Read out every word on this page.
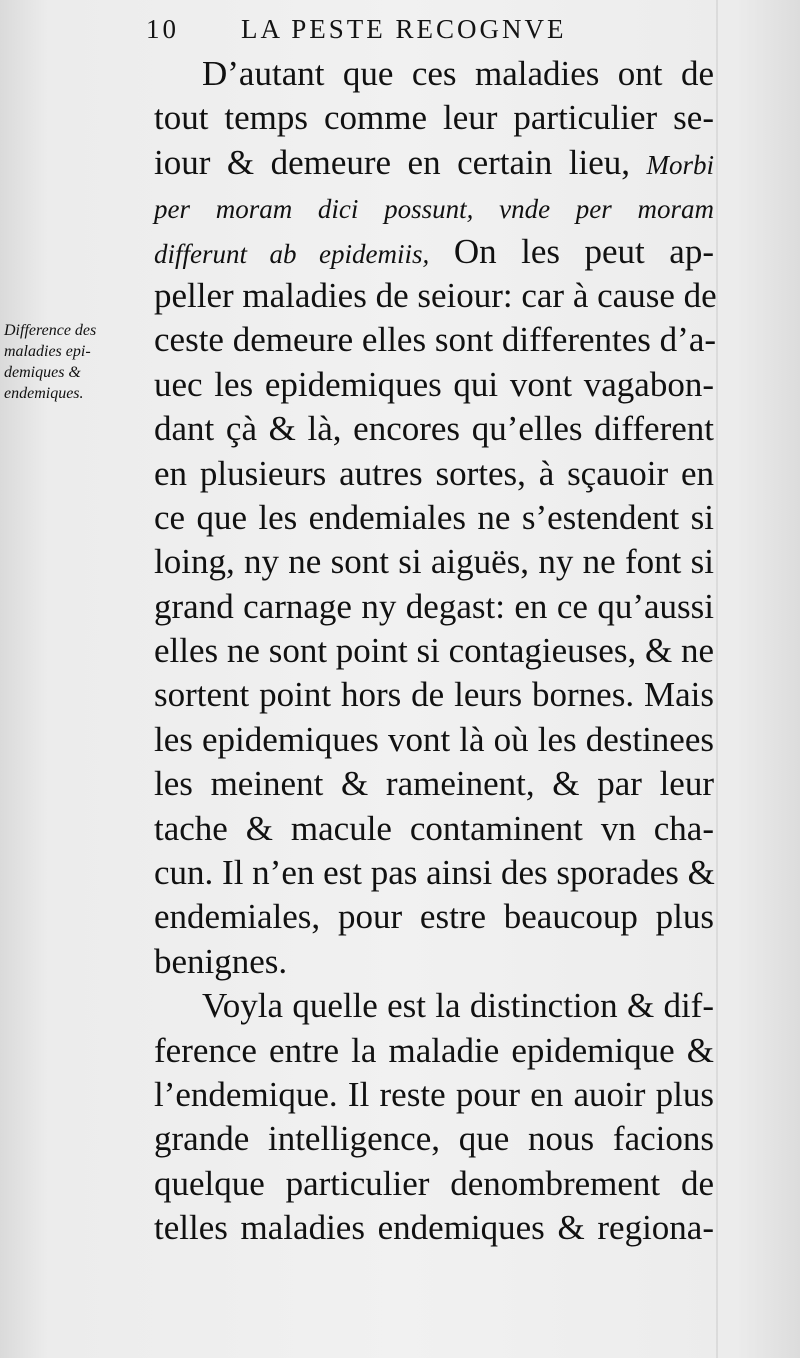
10 LA PESTE RECOGNVE
Difference des
maladies epi-
demiques &
endemiques.
D’autant que ces maladies ont de
tout temps comme leur particulier se-
iour & demeure en certain lieu, Morbi
per moram dici possunt, vnde per moram
differunt ab epidemiis, On les peut ap-
peller maladies de seiour: car à cause de
ceste demeure elles sont differentes d’a-
uec les epidemiques qui vont vagabon-
dant çà & là, encores qu’elles different
en plusieurs autres sortes, à sçauoir en
ce que les endemiales ne s’estendent si
loing, ny ne sont si aiguës, ny ne font si
grand carnage ny degast: en ce qu’aussi
elles ne sont point si contagieuses, & ne
sortent point hors de leurs bornes. Mais
les epidemiques vont là où les destinees
les meinent & rameinent, & par leur
tache & macule contaminent vn cha-
cun. Il n’en est pas ainsi des sporades &
endemiales, pour estre beaucoup plus
benignes.
Voyla quelle est la distinction & dif-
ference entre la maladie epidemique &
l’endemique. Il reste pour en auoir plus
grande intelligence, que nous facions
quelque particulier denombrement de
telles maladies endemiques & regiona-
